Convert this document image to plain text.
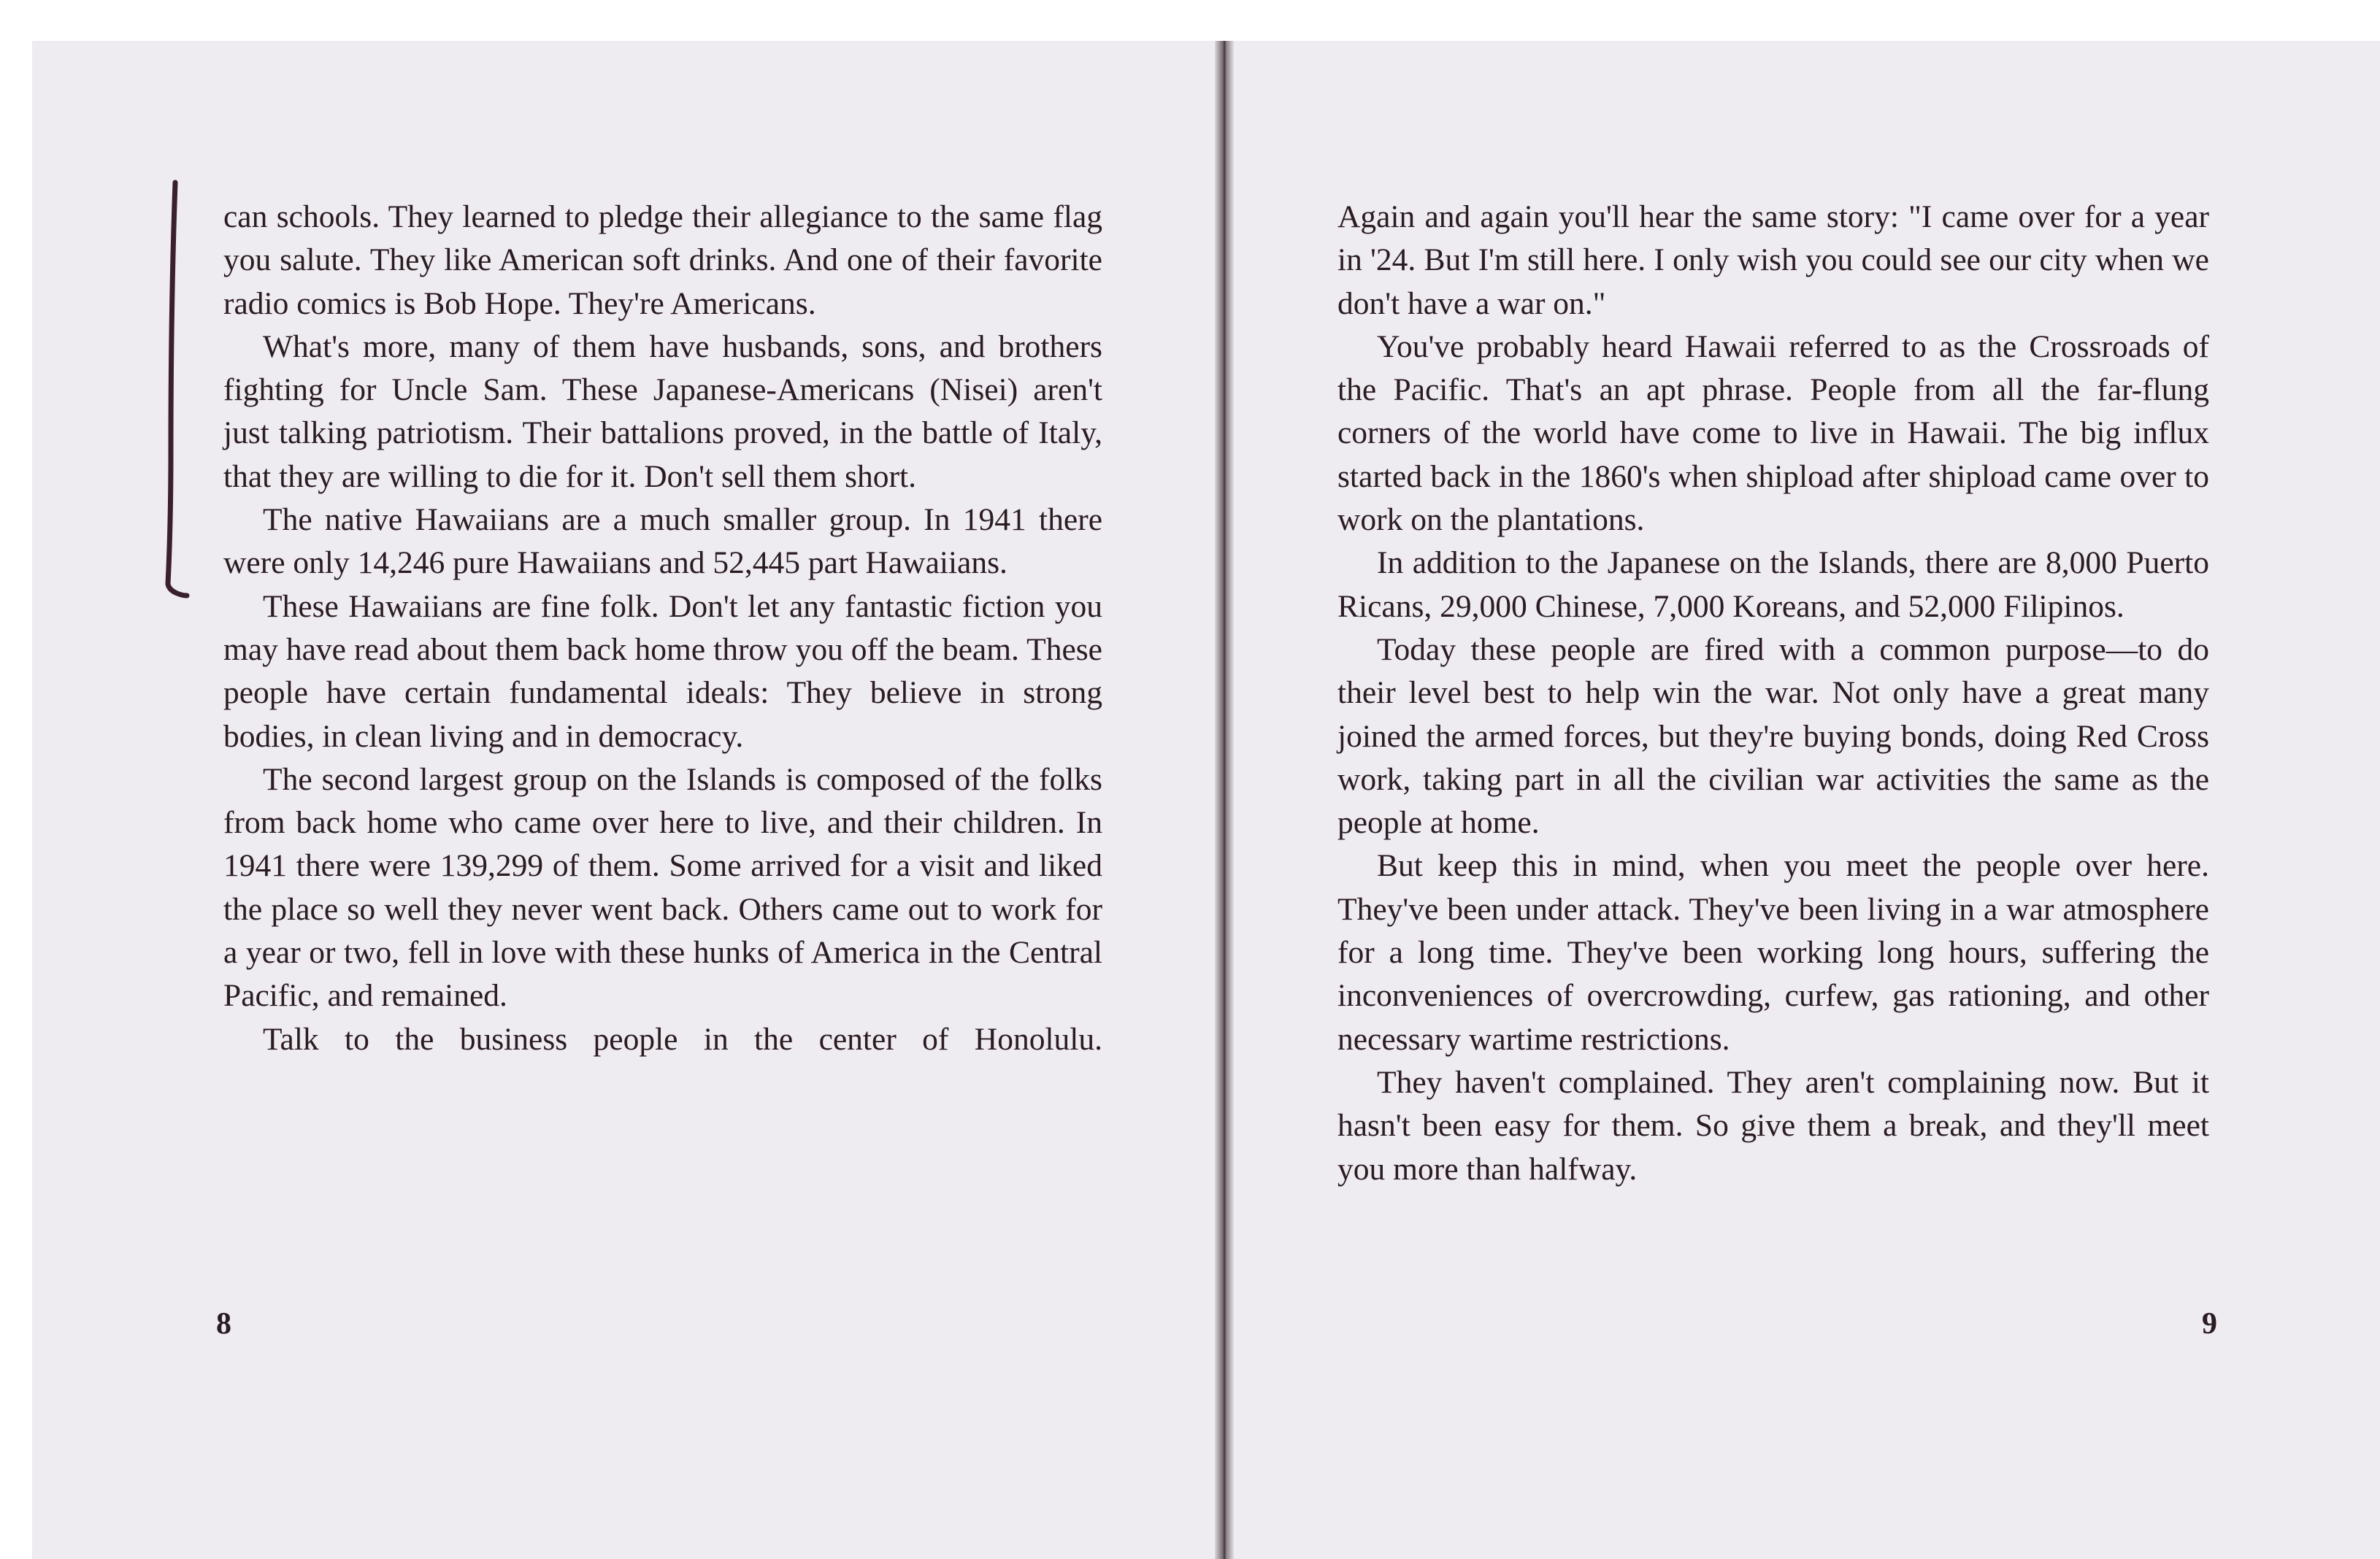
can schools. They learned to pledge their allegiance to the same flag you salute. They like American soft drinks. And one of their favorite radio comics is Bob Hope. They're Americans.

What's more, many of them have husbands, sons, and brothers fighting for Uncle Sam. These Japanese-Americans (Nisei) aren't just talking patriotism. Their battalions proved, in the battle of Italy, that they are willing to die for it. Don't sell them short.

The native Hawaiians are a much smaller group. In 1941 there were only 14,246 pure Hawaiians and 52,445 part Hawaiians.

These Hawaiians are fine folk. Don't let any fantastic fiction you may have read about them back home throw you off the beam. These people have certain fundamental ideals: They believe in strong bodies, in clean living and in democracy.

The second largest group on the Islands is composed of the folks from back home who came over here to live, and their children. In 1941 there were 139,299 of them. Some arrived for a visit and liked the place so well they never went back. Others came out to work for a year or two, fell in love with these hunks of America in the Central Pacific, and remained.

Talk to the business people in the center of Honolulu.

Again and again you'll hear the same story: "I came over for a year in '24. But I'm still here. I only wish you could see our city when we don't have a war on."

You've probably heard Hawaii referred to as the Crossroads of the Pacific. That's an apt phrase. People from all the far-flung corners of the world have come to live in Hawaii. The big influx started back in the 1860's when shipload after shipload came over to work on the plantations.

In addition to the Japanese on the Islands, there are 8,000 Puerto Ricans, 29,000 Chinese, 7,000 Koreans, and 52,000 Filipinos.

Today these people are fired with a common purpose—to do their level best to help win the war. Not only have a great many joined the armed forces, but they're buying bonds, doing Red Cross work, taking part in all the civilian war activities the same as the people at home.

But keep this in mind, when you meet the people over here. They've been under attack. They've been living in a war atmosphere for a long time. They've been working long hours, suffering the inconveniences of overcrowding, curfew, gas rationing, and other necessary wartime restrictions.

They haven't complained. They aren't complaining now. But it hasn't been easy for them. So give them a break, and they'll meet you more than halfway.

8	9
